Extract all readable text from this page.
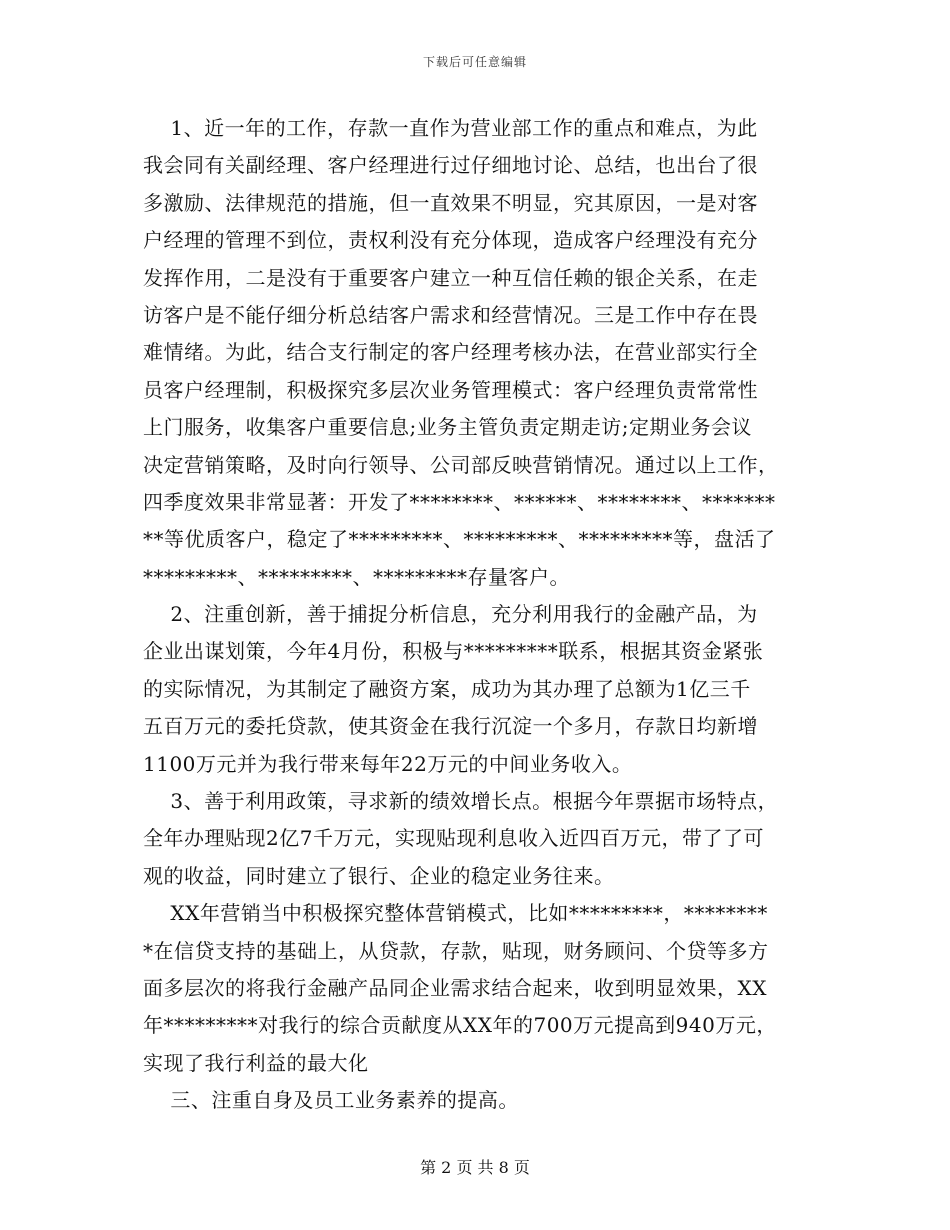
下载后可任意编辑
1、近一年的工作，存款一直作为营业部工作的重点和难点，为此
我会同有关副经理、客户经理进行过仔细地讨论、总结，也出台了很
多激励、法律规范的措施，但一直效果不明显，究其原因，一是对客
户经理的管理不到位，责权利没有充分体现，造成客户经理没有充分
发挥作用，二是没有于重要客户建立一种互信任赖的银企关系，在走
访客户是不能仔细分析总结客户需求和经营情况。三是工作中存在畏
难情绪。为此，结合支行制定的客户经理考核办法，在营业部实行全
员客户经理制，积极探究多层次业务管理模式：客户经理负责常常性
上门服务，收集客户重要信息;业务主管负责定期走访;定期业务会议
决定营销策略，及时向行领导、公司部反映营销情况。通过以上工作，
四季度效果非常显著：开发了********、******、********、*******
**等优质客户，稳定了*********、*********、*********等，盘活了
*********、*********、*********存量客户。
2、注重创新，善于捕捉分析信息，充分利用我行的金融产品，为
企业出谋划策，今年4月份，积极与*********联系，根据其资金紧张
的实际情况，为其制定了融资方案，成功为其办理了总额为1亿三千
五百万元的委托贷款，使其资金在我行沉淀一个多月，存款日均新增
1100万元并为我行带来每年22万元的中间业务收入。
3、善于利用政策，寻求新的绩效增长点。根据今年票据市场特点，
全年办理贴现2亿7千万元，实现贴现利息收入近四百万元，带了了可
观的收益，同时建立了银行、企业的稳定业务往来。
XX年营销当中积极探究整体营销模式，比如*********，********
*在信贷支持的基础上，从贷款，存款，贴现，财务顾问、个贷等多方
面多层次的将我行金融产品同企业需求结合起来，收到明显效果，XX
年*********对我行的综合贡献度从XX年的700万元提高到940万元，
实现了我行利益的最大化
三、注重自身及员工业务素养的提高。
第 2 页 共 8 页
